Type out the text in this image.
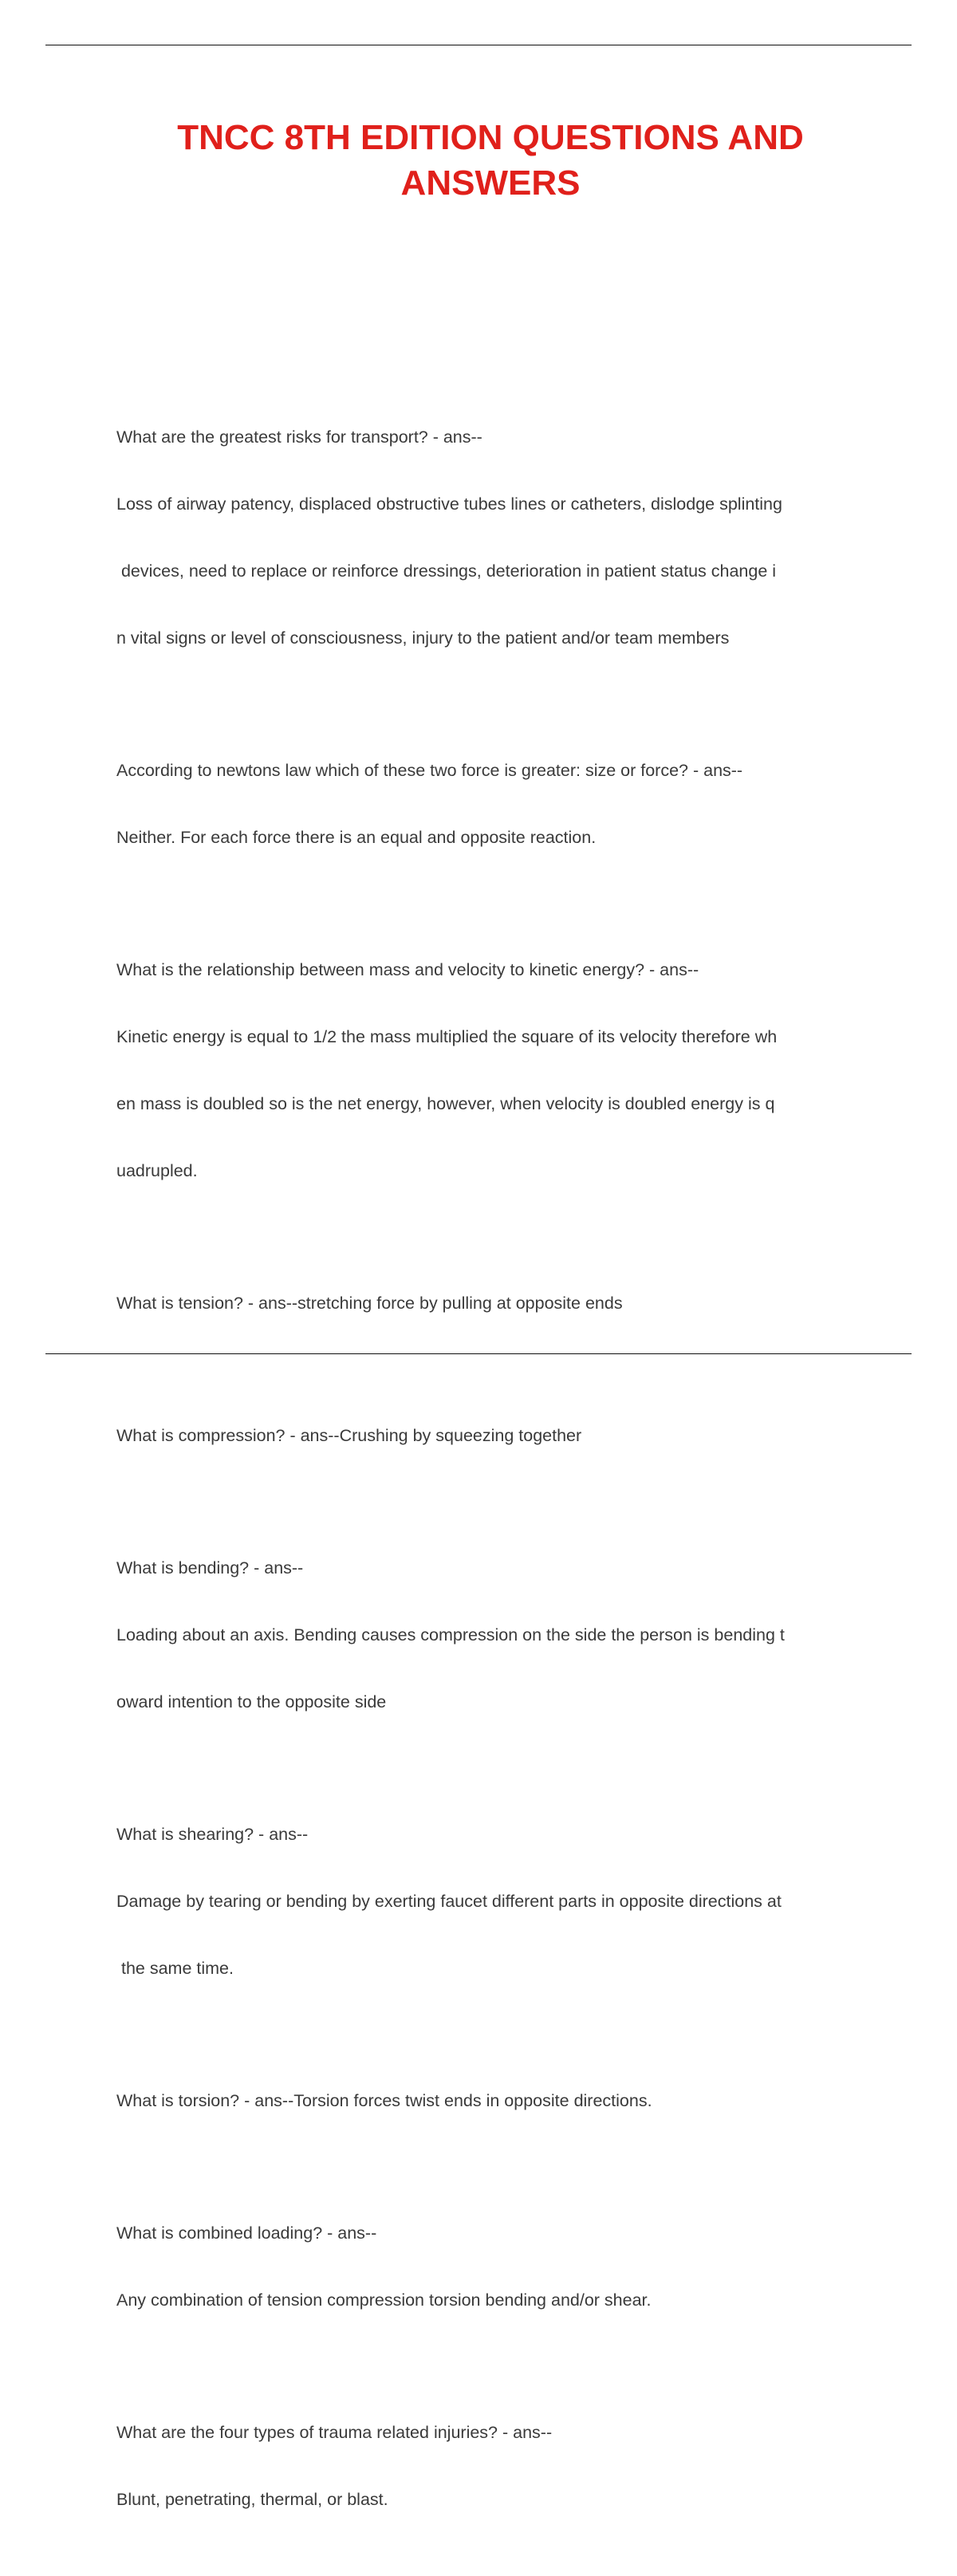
TNCC 8TH EDITION QUESTIONS AND
ANSWERS

What are the greatest risks for transport? - ans--

Loss of airway patency, displaced obstructive tubes lines or catheters, dislodge splinting

devices, need to replace or reinforce dressings, deterioration in patient status change i

n vital signs or level of consciousness, injury to the patient and/or team members

According to newtons law which of these two force is greater: size or force? - ans--

Neither. For each force there is an equal and opposite reaction.

What is the relationship between mass and velocity to kinetic energy? - ans--

Kinetic energy is equal to 1/2 the mass multiplied the square of its velocity therefore wh

en mass is doubled so is the net energy, however, when velocity is doubled energy is q

uadrupled.

What is tension? - ans--stretching force by pulling at opposite ends

What is compression? - ans--Crushing by squeezing together

What is bending? - ans--

Loading about an axis. Bending causes compression on the side the person is bending t

oward intention to the opposite side

What is shearing? - ans--

Damage by tearing or bending by exerting faucet different parts in opposite directions at

the same time.

What is torsion? - ans--Torsion forces twist ends in opposite directions.

What is combined loading? - ans--

Any combination of tension compression torsion bending and/or shear.

What are the four types of trauma related injuries? - ans--

Blunt, penetrating, thermal, or blast.
